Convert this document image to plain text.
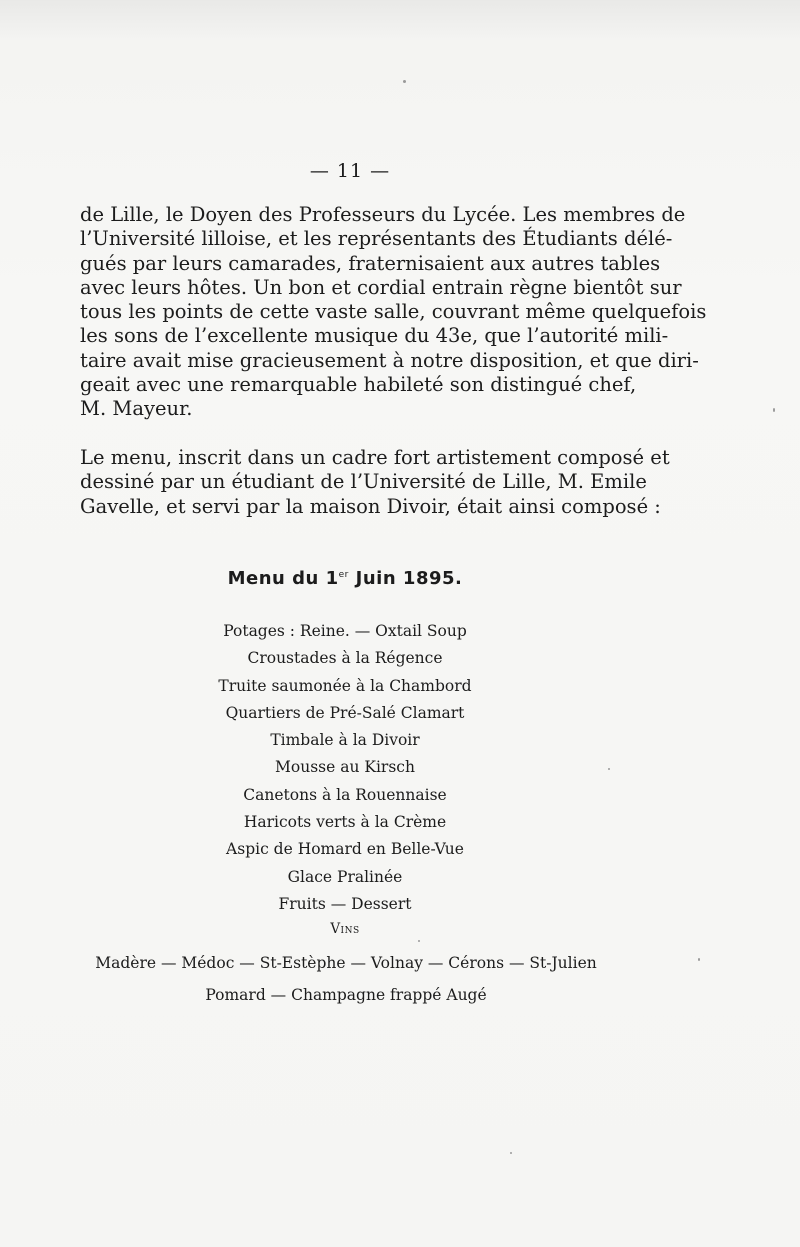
— 11 —
de Lille, le Doyen des Professeurs du Lycée. Les membres de
l’Université lilloise, et les représentants des Étudiants délé-
gués par leurs camarades, fraternisaient aux autres tables
avec leurs hôtes. Un bon et cordial entrain règne bientôt sur
tous les points de cette vaste salle, couvrant même quelquefois
les sons de l’excellente musique du 43e, que l’autorité mili-
taire avait mise gracieusement à notre disposition, et que diri-
geait avec une remarquable habileté son distingué chef,
M. Mayeur.
Le menu, inscrit dans un cadre fort artistement composé et
dessiné par un étudiant de l’Université de Lille, M. Emile
Gavelle, et servi par la maison Divoir, était ainsi composé :
Menu du 1er Juin 1895.
Potages : Reine. — Oxtail Soup
Croustades à la Régence
Truite saumonée à la Chambord
Quartiers de Pré-Salé Clamart
Timbale à la Divoir
Mousse au Kirsch
Canetons à la Rouennaise
Haricots verts à la Crème
Aspic de Homard en Belle-Vue
Glace Pralinée
Fruits — Dessert
Vins
Madère — Médoc — St-Estèphe — Volnay — Cérons — St-Julien
Pomard — Champagne frappé Augé
